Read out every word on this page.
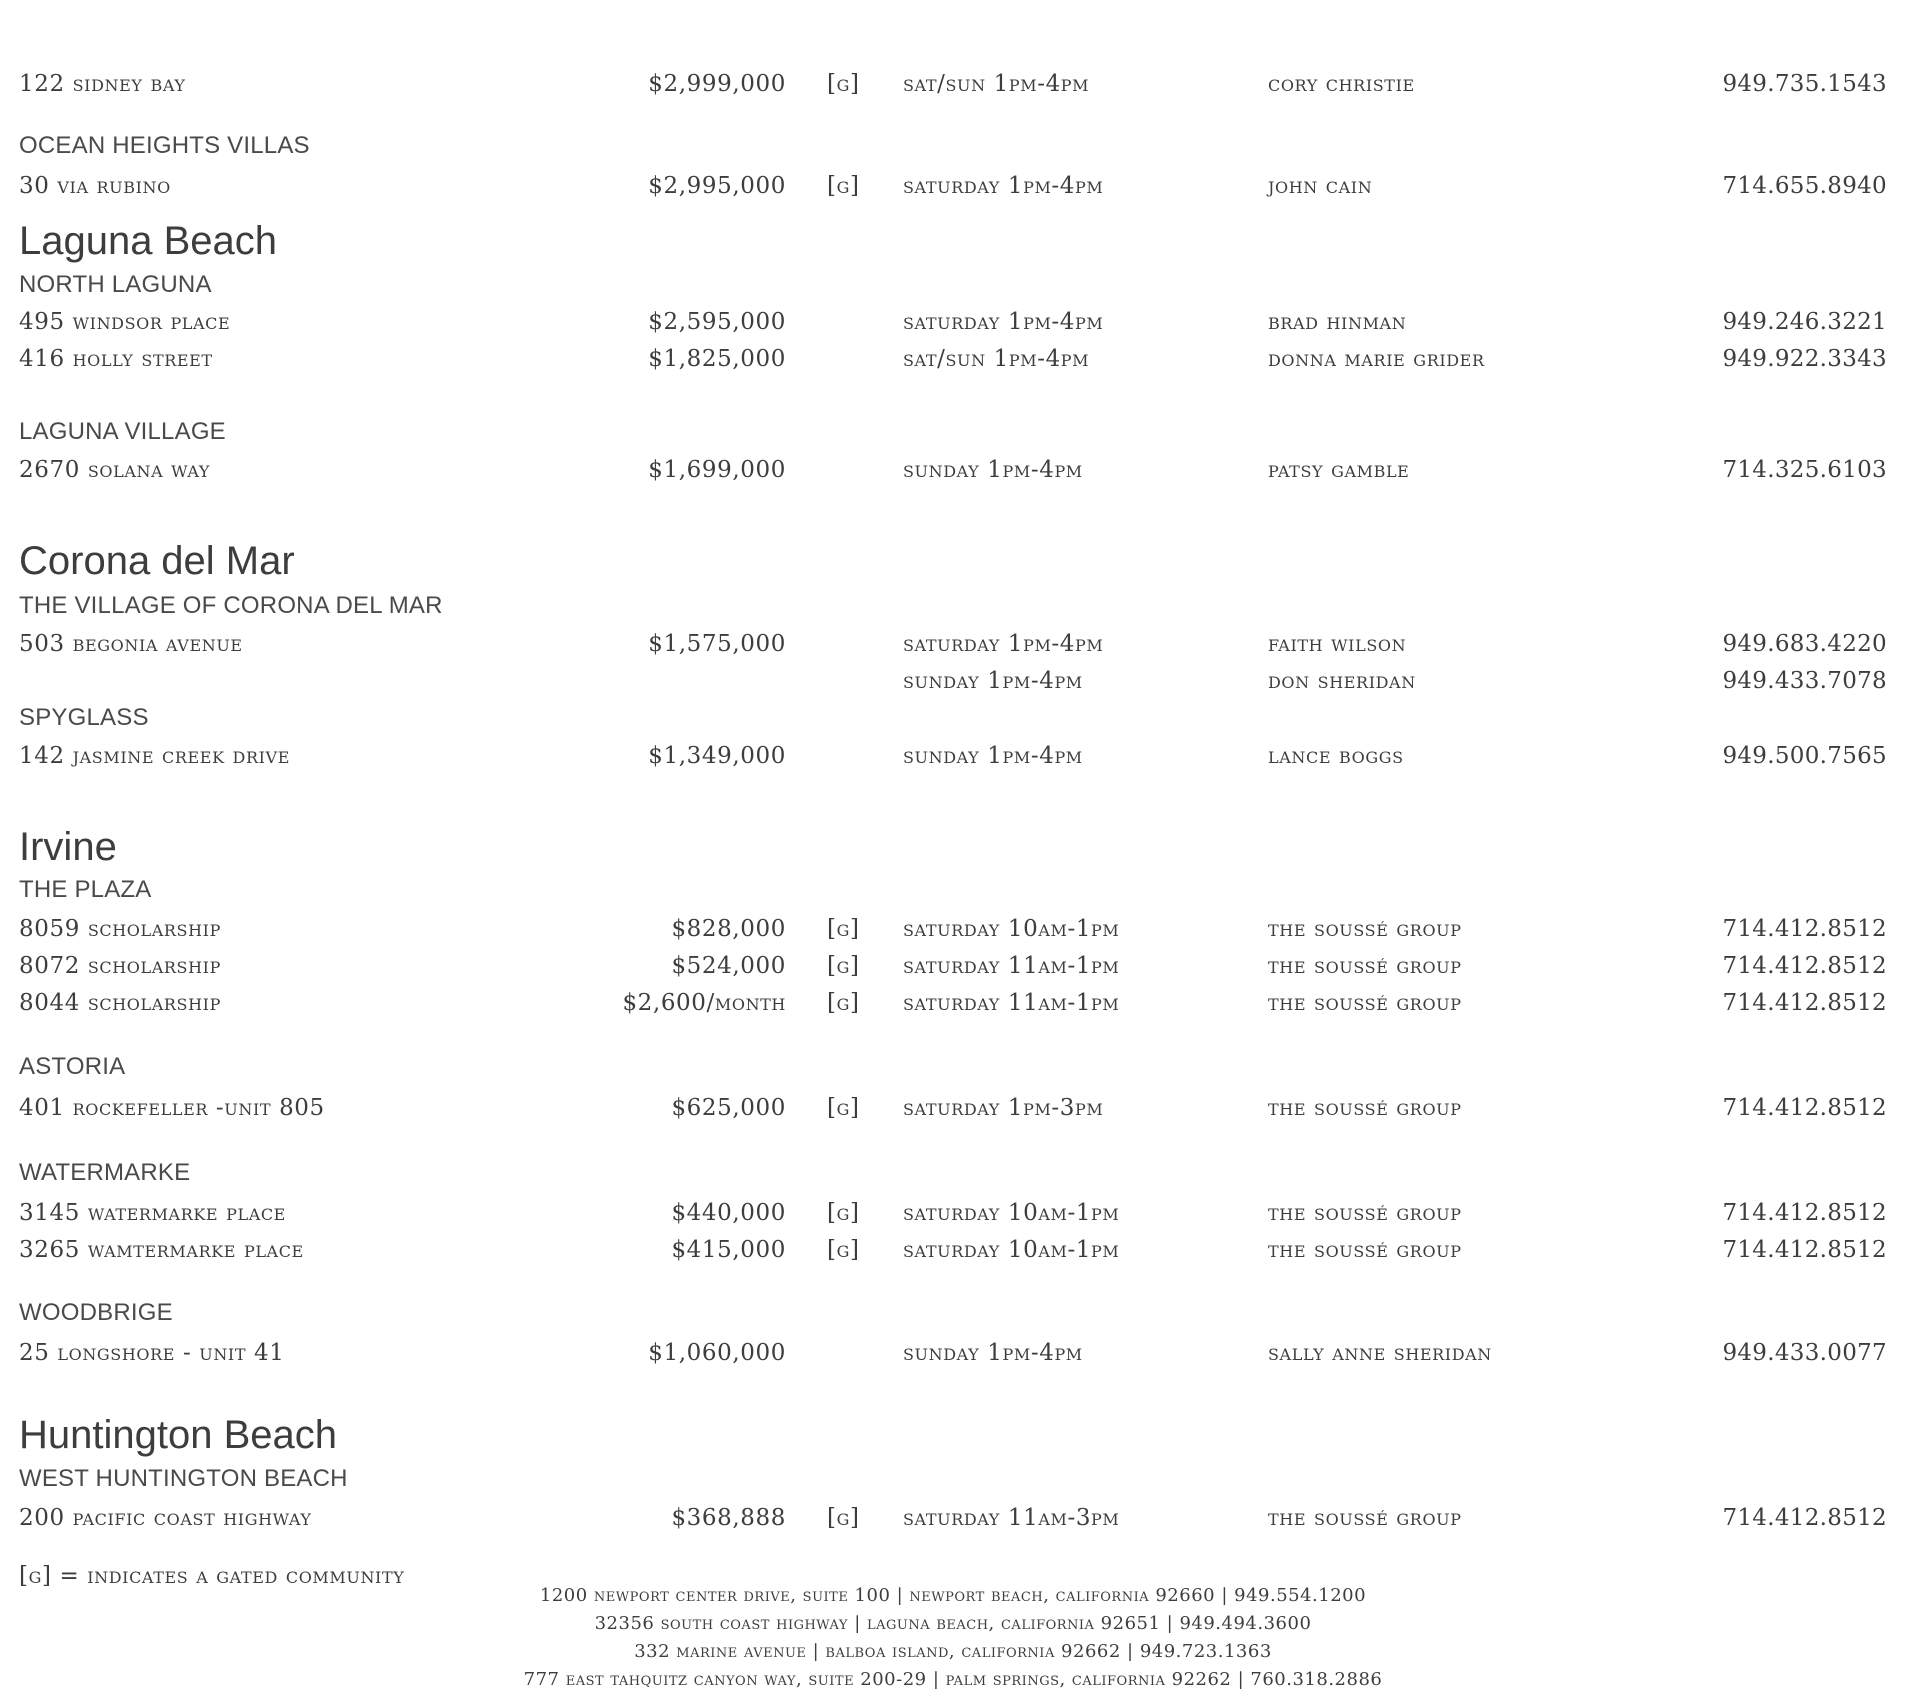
122 sidney bay	$2,999,000 [g] sat/sun 1pm-4pm	cory christie	949.735.1543
OCEAN HEIGHTS VILLAS
30 via rubino	$2,995,000 [g] saturday 1pm-4pm	john cain	714.655.8940
Laguna Beach
NORTH LAGUNA
495 windsor place	$2,595,000	saturday 1pm-4pm	brad hinman	949.246.3221
416 holly street	$1,825,000	sat/sun 1pm-4pm	donna marie grider	949.922.3343
LAGUNA VILLAGE
2670 solana way	$1,699,000	sunday 1pm-4pm	patsy gamble	714.325.6103
Corona del Mar
THE VILLAGE OF CORONA DEL MAR
503 begonia avenue	$1,575,000	saturday 1pm-4pm	faith wilson	949.683.4220
sunday 1pm-4pm	don sheridan	949.433.7078
SPYGLASS
142 jasmine creek drive	$1,349,000	sunday 1pm-4pm	lance boggs	949.500.7565
Irvine
THE PLAZA
8059 scholarship	$828,000 [g] saturday 10am-1pm	the soussé group	714.412.8512
8072 scholarship	$524,000 [g] saturday 11am-1pm	the soussé group	714.412.8512
8044 scholarship	$2,600/month [g] saturday 11am-1pm	the soussé group	714.412.8512
ASTORIA
401 rockefeller -unit 805	$625,000 [g] saturday 1pm-3pm	the soussé group	714.412.8512
WATERMARKE
3145 watermarke place	$440,000 [g] saturday 10am-1pm	the soussé group	714.412.8512
3265 wamtermarke place	$415,000 [g] saturday 10am-1pm	the soussé group	714.412.8512
WOODBRIGE
25 longshore - unit 41	$1,060,000	sunday 1pm-4pm	sally anne sheridan	949.433.0077
Huntington Beach
WEST HUNTINGTON BEACH
200 pacific coast highway	$368,888 [g] saturday 11am-3pm	the soussé group	714.412.8512
[g] = indicates a gated community
1200 newport center drive, suite 100 | newport beach, california 92660 | 949.554.1200
32356 south coast highway | laguna beach, california 92651 | 949.494.3600
332 marine avenue | balboa island, california 92662 | 949.723.1363
777 east tahquitz canyon way, suite 200-29 | palm springs, california 92262 | 760.318.2886
